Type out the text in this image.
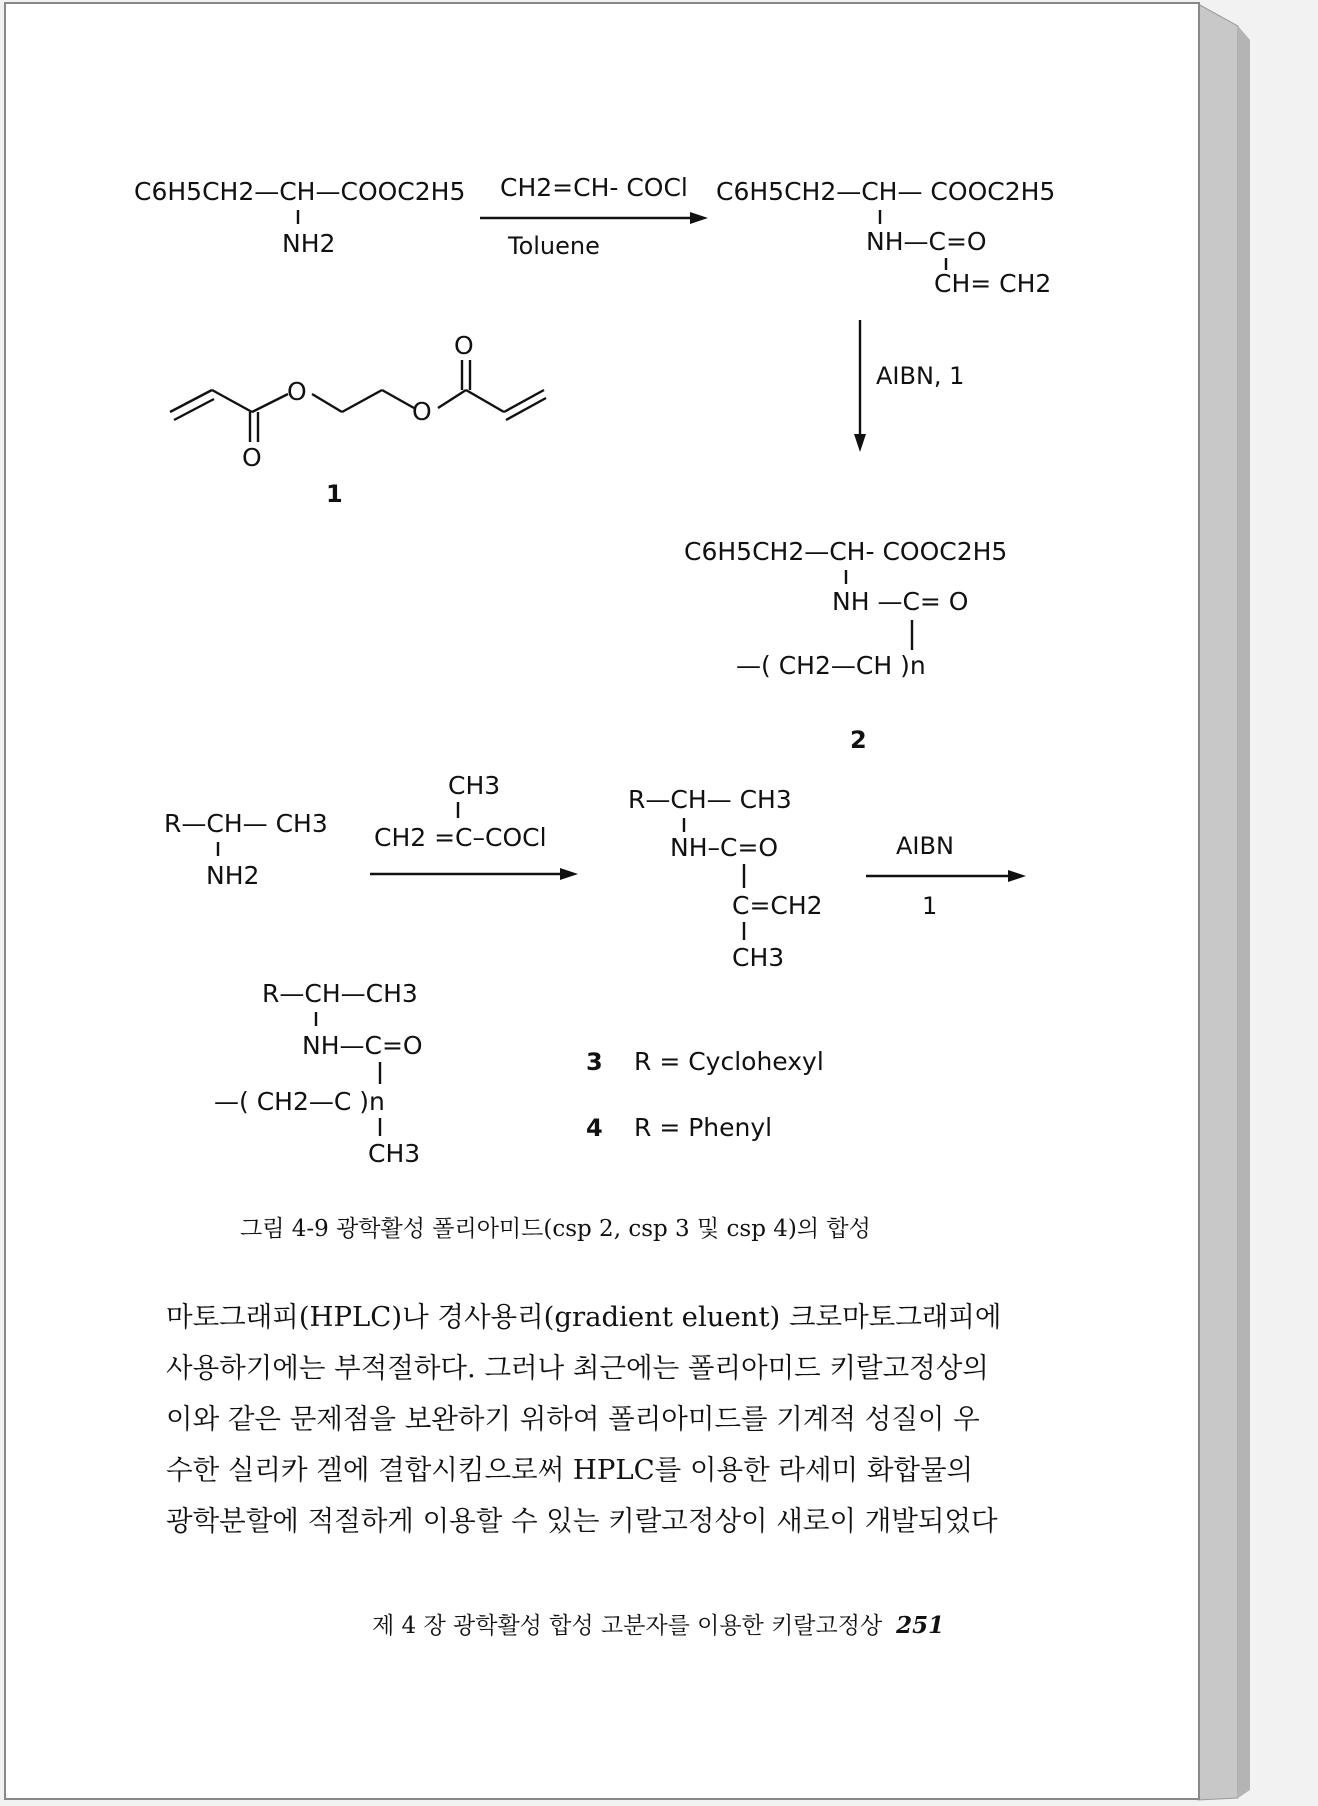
C6H5CH2—CH—COOC2H5
NH2
CH2=CH- COCl
Toluene
C6H5CH2—CH— COOC2H5
NH—C=O
CH= CH2
AIBN, 1
O
O
O
O
1
C6H5CH2—CH- COOC2H5
NH —C= O
—( CH2—CH )n
2
R—CH— CH3
NH2
CH3
CH2 =C–COCl
R—CH— CH3
NH–C=O
C=CH2
CH3
AIBN
1
R—CH—CH3
NH—C=O
—( CH2—C )n
CH3
3 R = Cyclohexyl
4 R = Phenyl
그림 4-9 광학활성 폴리아미드(csp 2, csp 3 및 csp 4)의 합성

마토그래피(HPLC)나 경사용리(gradient eluent) 크로마토그래피에

사용하기에는 부적절하다. 그러나 최근에는 폴리아미드 키랄고정상의

이와 같은 문제점을 보완하기 위하여 폴리아미드를 기계적 성질이 우

수한 실리카 겔에 결합시킴으로써 HPLC를 이용한 라세미 화합물의

광학분할에 적절하게 이용할 수 있는 키랄고정상이 새로이 개발되었다

제 4 장 광학활성 합성 고분자를 이용한 키랄고정상 251
